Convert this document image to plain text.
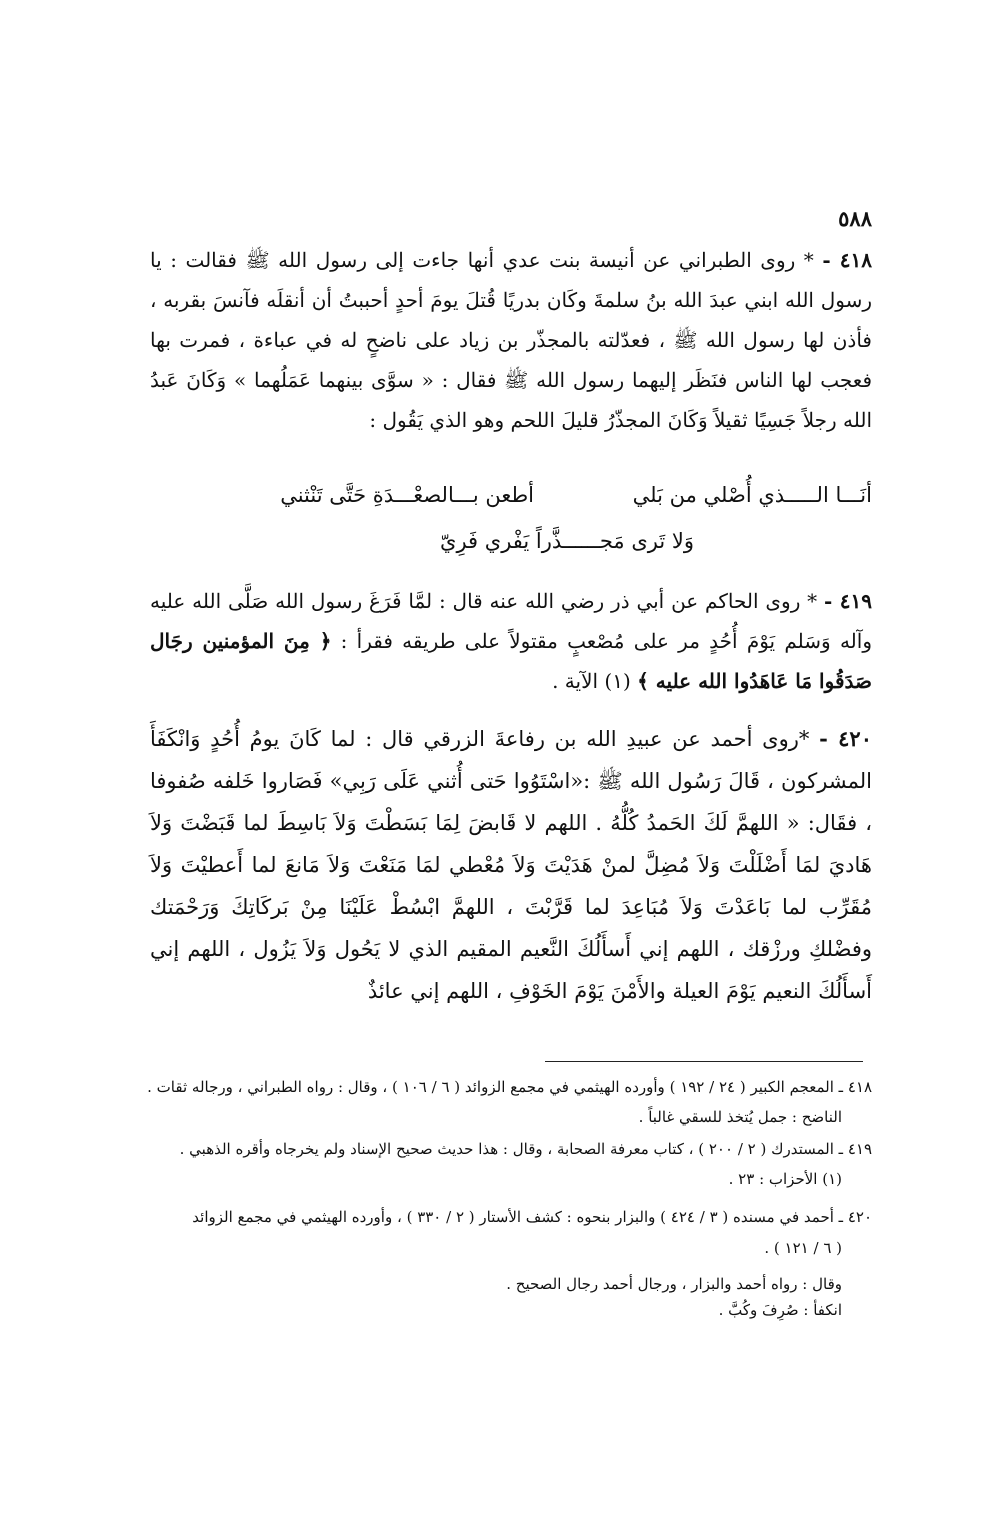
٥٨٨
٤١٨ - * روى الطبراني عن أنيسة بنت عدي أنها جاءت إلى رسول الله ﷺ فقالت : يا رسول الله ابني عبدَ الله بنُ سلمةَ وكَان بدريًا قُتلَ يومَ أحدٍ أحببتُ أن أنقلَه فآنسَ بقربه ، فأذن لها رسول الله ﷺ ، فعدّلته بالمجذّر بن زياد على ناضحٍ له في عباءة ، فمرت بها فعجب لها الناس فنَظَر إليهما رسول الله ﷺ فقال : « سوَّى بينهما عَمَلُهما » وَكَانَ عَبدُ الله رجلاً جَسِيًا ثقيلاً وَكَانَ المجذّرُ قليلَ اللحم وهو الذي يَقُول :
أنَـــا الـــــذي أُصْلي من بَلي
أطعن بـــالصعْـــدَةِ حَتَّى تَنْثني
وَلا تَرى مَجــــــذَّراً يَفْري فَرِيّ
٤١٩ - * روى الحاكم عن أبي ذر رضي الله عنه قال : لمَّا فَرَغَ رسول الله صَلَّى الله عليه وآله وَسَلم يَوْمَ أُحُدٍ مر على مُصْعبٍ مقتولاً على طريقه فقرأ : ﴿ مِنَ المؤمنين رجَال صَدَقُوا مَا عَاهَدُوا الله عليه ﴾ (١) الآية .
٤٢٠ - *روى أحمد عن عبيدِ الله بن رفاعةَ الزرقي قال : لما كَانَ يومُ أُحُدٍ وَانْكَفَأَ المشركون ، قَالَ رَسُول الله ﷺ :«اسْتَوُوا حَتى أُثني عَلَى رَبِي» فَصَاروا خَلفه صُفوفا ، فقَال: « اللهمَّ لَكَ الحَمدُ كُلُّهُ . اللهم لا قَابضَ لِمَا بَسَطْتَ وَلاَ بَاسِطَ لما قَبَضْتَ وَلاَ هَاديَ لمَا أَضْلَلْتَ وَلاَ مُضِلَّ لمنْ هَدَيْتَ وَلاَ مُعْطي لمَا مَنَعْتَ وَلاَ مَانعَ لما أَعطيْتَ وَلاَ مُقَرِّب لما بَاعَدْتَ وَلاَ مُبَاعِدَ لما قَرَّبْتَ ، اللهمَّ ابْسُطْ عَلَيْنَا مِنْ بَركَاتِكَ وَرَحْمَتك وفضْلكِ ورزْقك ، اللهم إني أَسأَلُكَ النَّعيم المقيم الذي لا يَحُول وَلاَ يَزُول ، اللهم إني أَسأَلُكَ النعيم يَوْمَ العيلة والأَمْنَ يَوْمَ الخَوْفِ ، اللهم إني عائذٌ
٤١٨ ـ المعجم الكبير ( ٢٤ / ١٩٢ ) وأورده الهيثمي في مجمع الزوائد ( ٦ / ١٠٦ ) ، وقال : رواه الطبراني ، ورجاله ثقات .
الناضح : جمل يُتخذ للسقي غالباً .
٤١٩ ـ المستدرك ( ٢ / ٢٠٠ ) ، كتاب معرفة الصحابة ، وقال : هذا حديث صحيح الإسناد ولم يخرجاه وأقره الذهبي .
(١) الأحزاب : ٢٣ .
٤٢٠ ـ أحمد في مسنده ( ٣ / ٤٢٤ ) والبزار بنحوه : كشف الأستار ( ٢ / ٣٣٠ ) ، وأورده الهيثمي في مجمع الزوائد
( ٦ / ١٢١ ) .
وقال : رواه أحمد والبزار ، ورجال أحمد رجال الصحيح .
انكفأ : صُرِفَ وكُبَّ .
